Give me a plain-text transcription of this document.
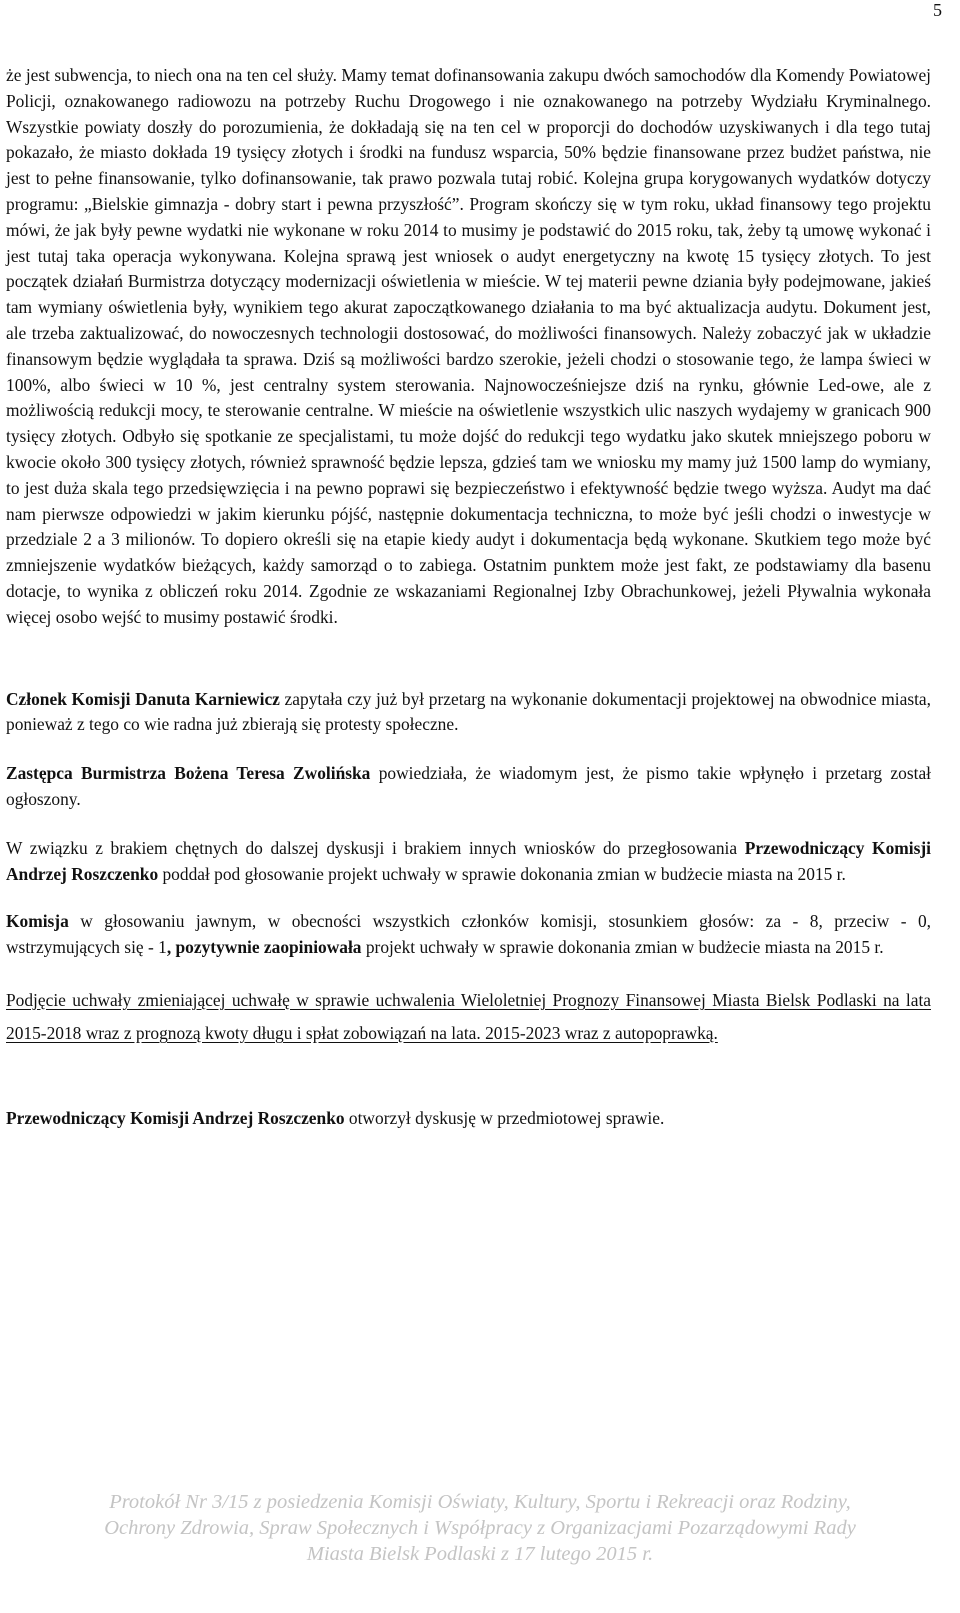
5

że jest subwencja, to niech ona na ten cel służy. Mamy temat dofinansowania zakupu dwóch samochodów dla Komendy Powiatowej Policji, oznakowanego radiowozu na potrzeby Ruchu Drogowego i nie oznakowanego na potrzeby Wydziału Kryminalnego. Wszystkie powiaty doszły do porozumienia, że dokładają się na ten cel w proporcji do dochodów uzyskiwanych i dla tego tutaj pokazało, że miasto dokłada 19 tysięcy złotych i środki na fundusz wsparcia, 50% będzie finansowane przez budżet państwa, nie jest to pełne finansowanie, tylko dofinansowanie, tak prawo pozwala tutaj robić. Kolejna grupa korygowanych wydatków dotyczy programu: „Bielskie gimnazja - dobry start i pewna przyszłość”. Program skończy się w tym roku, układ finansowy tego projektu mówi, że jak były pewne wydatki nie wykonane w roku 2014 to musimy je podstawić do 2015 roku, tak, żeby tą umowę wykonać i jest tutaj taka operacja wykonywana. Kolejna sprawą jest wniosek o audyt energetyczny na kwotę 15 tysięcy złotych. To jest początek działań Burmistrza dotyczący modernizacji oświetlenia w mieście. W tej materii pewne dziania były podejmowane, jakieś tam wymiany oświetlenia były, wynikiem tego akurat zapoczątkowanego działania to ma być aktualizacja audytu. Dokument jest, ale trzeba zaktualizować, do nowoczesnych technologii dostosować, do możliwości finansowych. Należy zobaczyć jak w układzie finansowym będzie wyglądała ta sprawa. Dziś są możliwości bardzo szerokie, jeżeli chodzi o stosowanie tego, że lampa świeci w 100%, albo świeci w 10 %, jest centralny system sterowania. Najnowocześniejsze dziś na rynku, głównie Led-owe, ale z możliwością redukcji mocy, te sterowanie centralne. W mieście na oświetlenie wszystkich ulic naszych wydajemy w granicach 900 tysięcy złotych. Odbyło się spotkanie ze specjalistami, tu może dojść do redukcji tego wydatku jako skutek mniejszego poboru w kwocie około 300 tysięcy złotych, również sprawność będzie lepsza, gdzieś tam we wniosku my mamy już 1500 lamp do wymiany, to jest duża skala tego przedsięwzięcia i na pewno poprawi się bezpieczeństwo i efektywność będzie twego wyższa. Audyt ma dać nam pierwsze odpowiedzi w jakim kierunku pójść, następnie dokumentacja techniczna, to może być jeśli chodzi o inwestycje w przedziale 2 a 3 milionów. To dopiero określi się na etapie kiedy audyt i dokumentacja będą wykonane. Skutkiem tego może być zmniejszenie wydatków bieżących, każdy samorząd o to zabiega. Ostatnim punktem może jest fakt, ze podstawiamy dla basenu dotacje, to wynika z obliczeń roku 2014. Zgodnie ze wskazaniami Regionalnej Izby Obrachunkowej, jeżeli Pływalnia wykonała więcej osobo wejść to musimy postawić środki.

Członek Komisji Danuta Karniewicz zapytała czy już był przetarg na wykonanie dokumentacji projektowej na obwodnice miasta, ponieważ z tego co wie radna już zbierają się protesty społeczne.

Zastępca Burmistrza Bożena Teresa Zwolińska powiedziała, że wiadomym jest, że pismo takie wpłynęło i przetarg został ogłoszony.

W związku z brakiem chętnych do dalszej dyskusji i brakiem innych wniosków do przegłosowania Przewodniczący Komisji Andrzej Roszczenko poddał pod głosowanie projekt uchwały w sprawie dokonania zmian w budżecie miasta na 2015 r.

Komisja w głosowaniu jawnym, w obecności wszystkich członków komisji, stosunkiem głosów: za - 8, przeciw - 0, wstrzymujących się - 1, pozytywnie zaopiniowała projekt uchwały w sprawie dokonania zmian w budżecie miasta na 2015 r.

Podjęcie uchwały zmieniającej uchwałę w sprawie uchwalenia Wieloletniej Prognozy Finansowej Miasta Bielsk Podlaski na lata 2015-2018 wraz z prognozą kwoty długu i spłat zobowiązań na lata. 2015-2023 wraz z autopoprawką.

Przewodniczący Komisji Andrzej Roszczenko otworzył dyskusję w przedmiotowej sprawie.

Protokół Nr 3/15 z posiedzenia Komisji Oświaty, Kultury, Sportu i Rekreacji oraz Rodziny,
Ochrony Zdrowia, Spraw Społecznych i Współpracy z Organizacjami Pozarządowymi Rady
Miasta Bielsk Podlaski z 17 lutego 2015 r.
